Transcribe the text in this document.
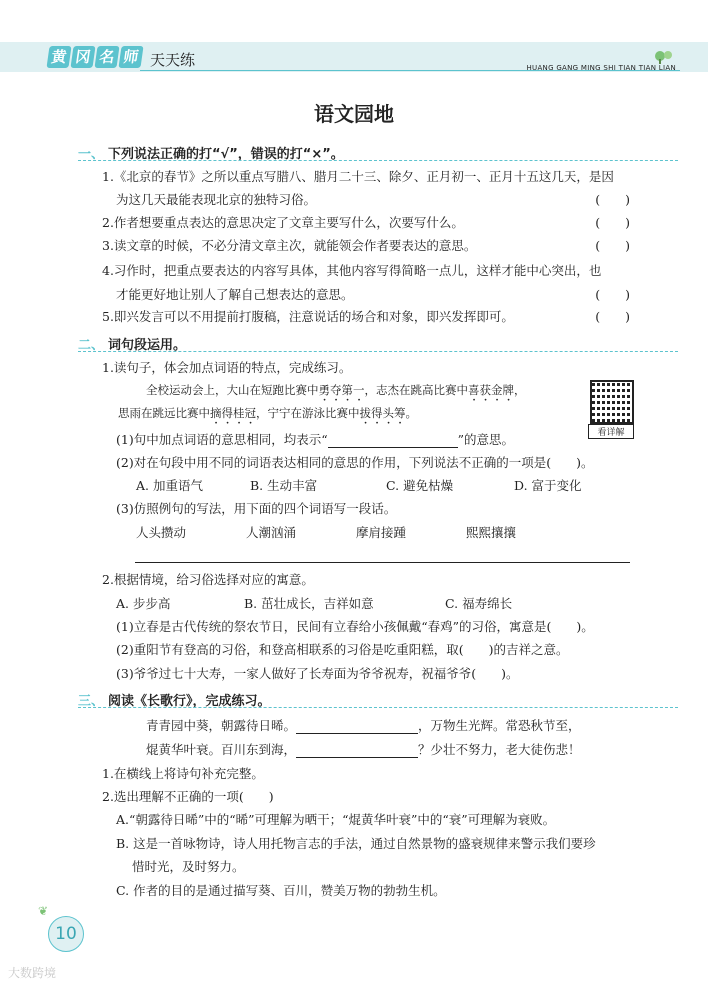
黄 冈 名 师 天天练	HUANG GANG MING SHI TIAN TIAN LIAN
语文园地
一、 下列说法正确的打“√”，错误的打“×”。
1.《北京的春节》之所以重点写腊八、腊月二十三、除夕、正月初一、正月十五这几天，是因
为这几天最能表现北京的独特习俗。	(　　)
2.作者想要重点表达的意思决定了文章主要写什么，次要写什么。	(　　)
3.读文章的时候，不必分清文章主次，就能领会作者要表达的意思。	(　　)
4.习作时，把重点要表达的内容写具体，其他内容写得简略一点儿，这样才能中心突出，也
才能更好地让别人了解自己想表达的意思。	(　　)
5.即兴发言可以不用提前打腹稿，注意说话的场合和对象，即兴发挥即可。	(　　)
二、 词句段运用。
1.读句子，体会加点词语的特点，完成练习。
全校运动会上，大山在短跑比赛中勇夺第一，志杰在跳高比赛中喜获金牌，
思雨在跳远比赛中摘得桂冠，宁宁在游泳比赛中拔得头筹。
看详解
(1)句中加点词语的意思相同，均表示“	”的意思。
(2)对在句段中用不同的词语表达相同的意思的作用，下列说法不正确的一项是(　　)。
A. 加重语气	B. 生动丰富	C. 避免枯燥	D. 富于变化
(3)仿照例句的写法，用下面的四个词语写一段话。
人头攒动	人潮汹涌	摩肩接踵	熙熙攘攘
2.根据情境，给习俗选择对应的寓意。
A. 步步高	B. 茁壮成长，吉祥如意	C. 福寿绵长
(1)立春是古代传统的祭农节日，民间有立春给小孩佩戴“春鸡”的习俗，寓意是(　　)。
(2)重阳节有登高的习俗，和登高相联系的习俗是吃重阳糕，取(　　)的吉祥之意。
(3)爷爷过七十大寿，一家人做好了长寿面为爷爷祝寿，祝福爷爷(　　)。
三、 阅读《长歌行》，完成练习。
青青园中葵，朝露待日晞。	，万物生光辉。常恐秋节至，
焜黄华叶衰。百川东到海，	？少壮不努力，老大徒伤悲！
1.在横线上将诗句补充完整。
2.选出理解不正确的一项(　　)
A.“朝露待日晞”中的“晞”可理解为晒干；“焜黄华叶衰”中的“衰”可理解为衰败。
B. 这是一首咏物诗，诗人用托物言志的手法，通过自然景物的盛衰规律来警示我们要珍
惜时光，及时努力。
C. 作者的目的是通过描写葵、百川，赞美万物的勃勃生机。
❦
10
大数跨境
